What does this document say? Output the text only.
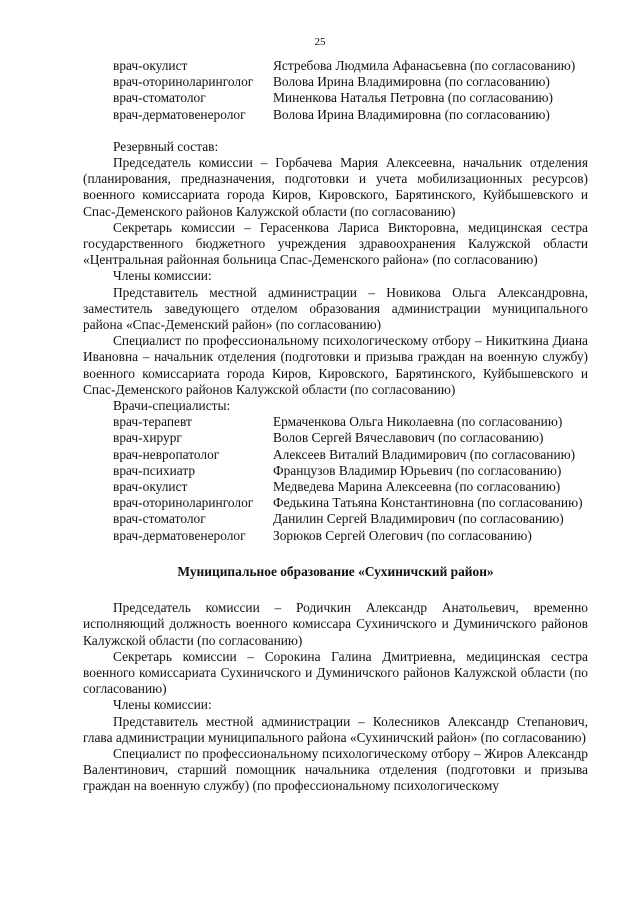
25
врач-окулист	Ястребова Людмила Афанасьевна (по согласованию)
врач-оториноларинголог	Волова Ирина Владимировна (по согласованию)
врач-стоматолог	Миненкова Наталья Петровна (по согласованию)
врач-дерматовенеролог	Волова Ирина Владимировна (по согласованию)

Резервный состав:

Председатель комиссии – Горбачева Мария Алексеевна, начальник отделения (планирования, предназначения, подготовки и учета мобилизационных ресурсов) военного комиссариата города Киров, Кировского, Барятинского, Куйбышевского и Спас-Деменского районов Калужской области (по согласованию)

Секретарь комиссии – Герасенкова Лариса Викторовна, медицинская сестра государственного бюджетного учреждения здравоохранения Калужской области «Центральная районная больница Спас-Деменского района» (по согласованию)

Члены комиссии:

Представитель местной администрации – Новикова Ольга Александровна, заместитель заведующего отделом образования администрации муниципального района «Спас-Деменский район» (по согласованию)

Специалист по профессиональному психологическому отбору – Никиткина Диана Ивановна – начальник отделения (подготовки и призыва граждан на военную службу) военного комиссариата города Киров, Кировского, Барятинского, Куйбышевского и Спас-Деменского районов Калужской области (по согласованию)

Врачи-специалисты:

врач-терапевт	Ермаченкова Ольга Николаевна (по согласованию)
врач-хирург	Волов Сергей Вячеславович (по согласованию)
врач-невропатолог	Алексеев Виталий Владимирович (по согласованию)
врач-психиатр	Французов Владимир Юрьевич (по согласованию)
врач-окулист	Медведева Марина Алексеевна (по согласованию)
врач-оториноларинголог	Федькина Татьяна Константиновна (по согласованию)
врач-стоматолог	Данилин Сергей Владимирович (по согласованию)
врач-дерматовенеролог	Зорюков Сергей Олегович (по согласованию)

Муниципальное образование «Сухиничский район»

Председатель комиссии – Родичкин Александр Анатольевич, временно исполняющий должность военного комиссара Сухиничского и Думиничского районов Калужской области (по согласованию)

Секретарь комиссии – Сорокина Галина Дмитриевна, медицинская сестра военного комиссариата Сухиничского и Думиничского районов Калужской области (по согласованию)

Члены комиссии:

Представитель местной администрации – Колесников Александр Степанович, глава администрации муниципального района «Сухиничский район» (по согласованию)

Специалист по профессиональному психологическому отбору – Жиров Александр Валентинович, старший помощник начальника отделения (подготовки и призыва граждан на военную службу) (по профессиональному психологическому
